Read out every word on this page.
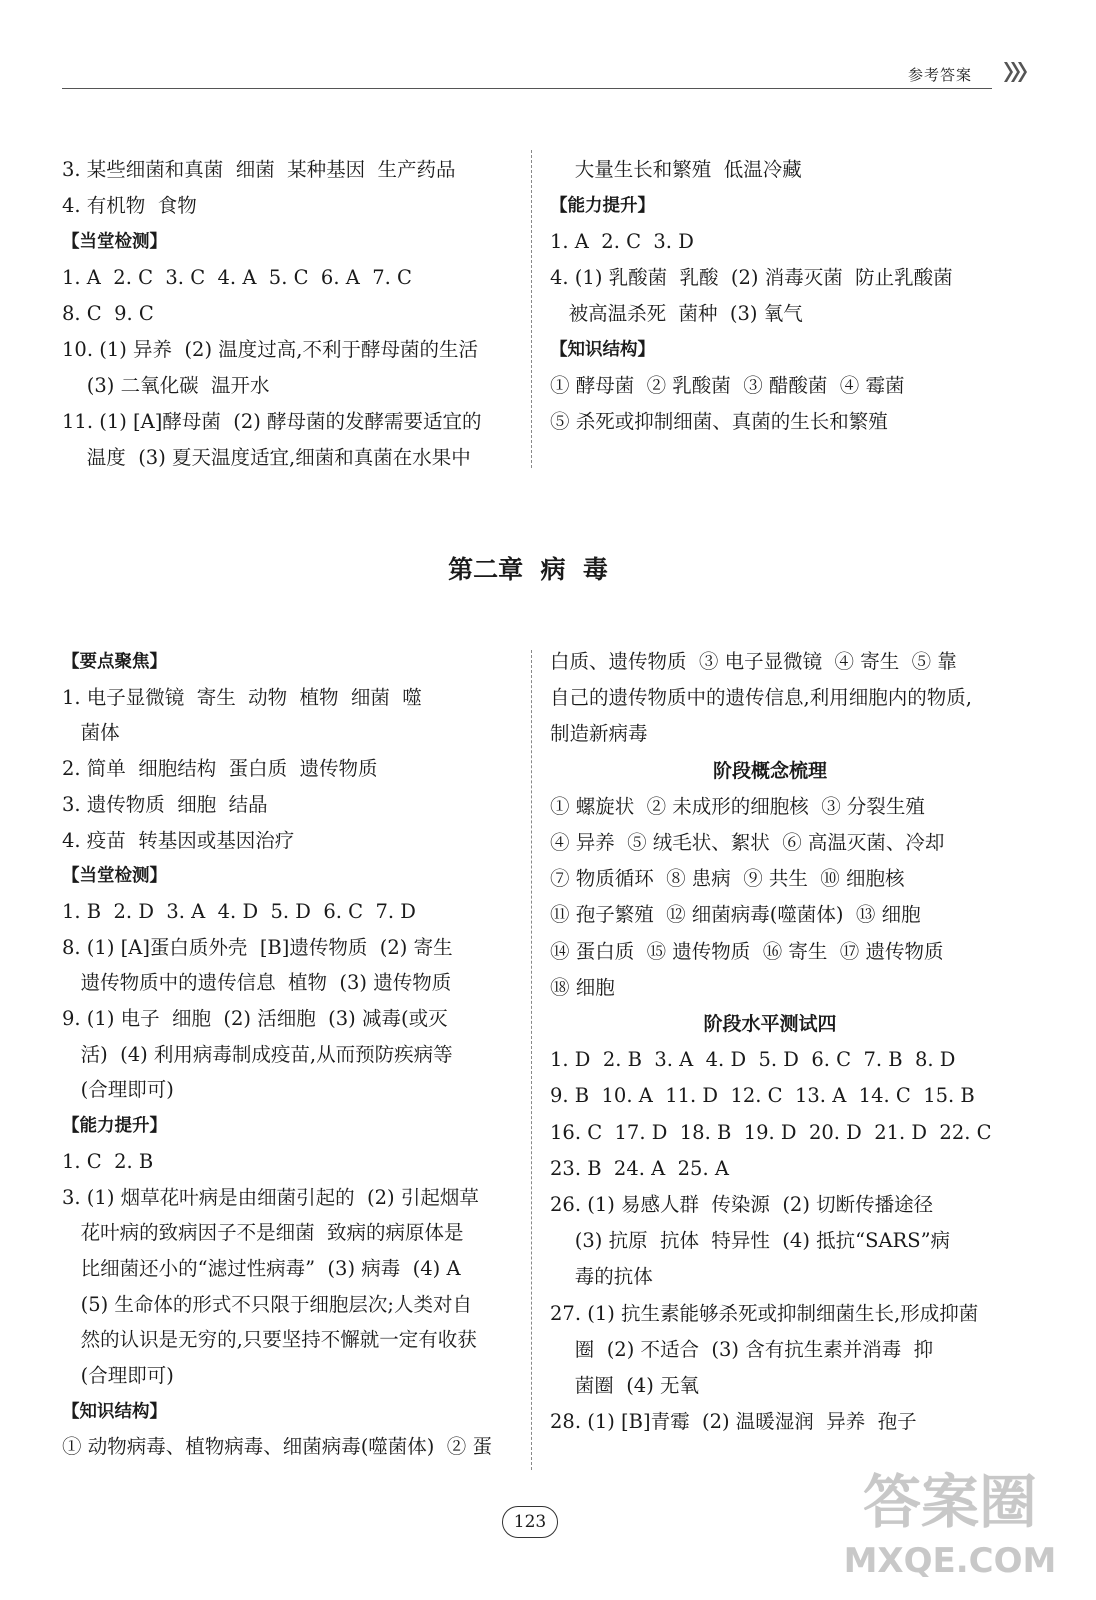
参考答案
3. 某些细菌和真菌  细菌  某种基因  生产药品
4. 有机物  食物
【当堂检测】
1. A  2. C  3. C  4. A  5. C  6. A  7. C
8. C  9. C
10. (1) 异养  (2) 温度过高,不利于酵母菌的生活
(3) 二氧化碳  温开水
11. (1) [A]酵母菌  (2) 酵母菌的发酵需要适宜的
温度  (3) 夏天温度适宜,细菌和真菌在水果中
大量生长和繁殖  低温冷藏
【能力提升】
1. A  2. C  3. D
4. (1) 乳酸菌  乳酸  (2) 消毒灭菌  防止乳酸菌
被高温杀死  菌种  (3) 氧气
【知识结构】
① 酵母菌  ② 乳酸菌  ③ 醋酸菌  ④ 霉菌
⑤ 杀死或抑制细菌、真菌的生长和繁殖
第二章  病  毒
【要点聚焦】
1. 电子显微镜  寄生  动物  植物  细菌  噬
菌体
2. 简单  细胞结构  蛋白质  遗传物质
3. 遗传物质  细胞  结晶
4. 疫苗  转基因或基因治疗
【当堂检测】
1. B  2. D  3. A  4. D  5. D  6. C  7. D
8. (1) [A]蛋白质外壳  [B]遗传物质  (2) 寄生
遗传物质中的遗传信息  植物  (3) 遗传物质
9. (1) 电子  细胞  (2) 活细胞  (3) 减毒(或灭
活)  (4) 利用病毒制成疫苗,从而预防疾病等
(合理即可)
【能力提升】
1. C  2. B
3. (1) 烟草花叶病是由细菌引起的  (2) 引起烟草
花叶病的致病因子不是细菌  致病的病原体是
比细菌还小的“滤过性病毒”  (3) 病毒  (4) A
(5) 生命体的形式不只限于细胞层次;人类对自
然的认识是无穷的,只要坚持不懈就一定有收获
(合理即可)
【知识结构】
① 动物病毒、植物病毒、细菌病毒(噬菌体)  ② 蛋
白质、遗传物质  ③ 电子显微镜  ④ 寄生  ⑤ 靠
自己的遗传物质中的遗传信息,利用细胞内的物质,
制造新病毒
阶段概念梳理
① 螺旋状  ② 未成形的细胞核  ③ 分裂生殖
④ 异养  ⑤ 绒毛状、絮状  ⑥ 高温灭菌、冷却
⑦ 物质循环  ⑧ 患病  ⑨ 共生  ⑩ 细胞核
⑪ 孢子繁殖  ⑫ 细菌病毒(噬菌体)  ⑬ 细胞
⑭ 蛋白质  ⑮ 遗传物质  ⑯ 寄生  ⑰ 遗传物质
⑱ 细胞
阶段水平测试四
1. D  2. B  3. A  4. D  5. D  6. C  7. B  8. D
9. B  10. A  11. D  12. C  13. A  14. C  15. B
16. C  17. D  18. B  19. D  20. D  21. D  22. C
23. B  24. A  25. A
26. (1) 易感人群  传染源  (2) 切断传播途径
(3) 抗原  抗体  特异性  (4) 抵抗“SARS”病
毒的抗体
27. (1) 抗生素能够杀死或抑制细菌生长,形成抑菌
圈  (2) 不适合  (3) 含有抗生素并消毒  抑
菌圈  (4) 无氧
28. (1) [B]青霉  (2) 温暖湿润  异养  孢子
123	答案圈
MXQE.COM
